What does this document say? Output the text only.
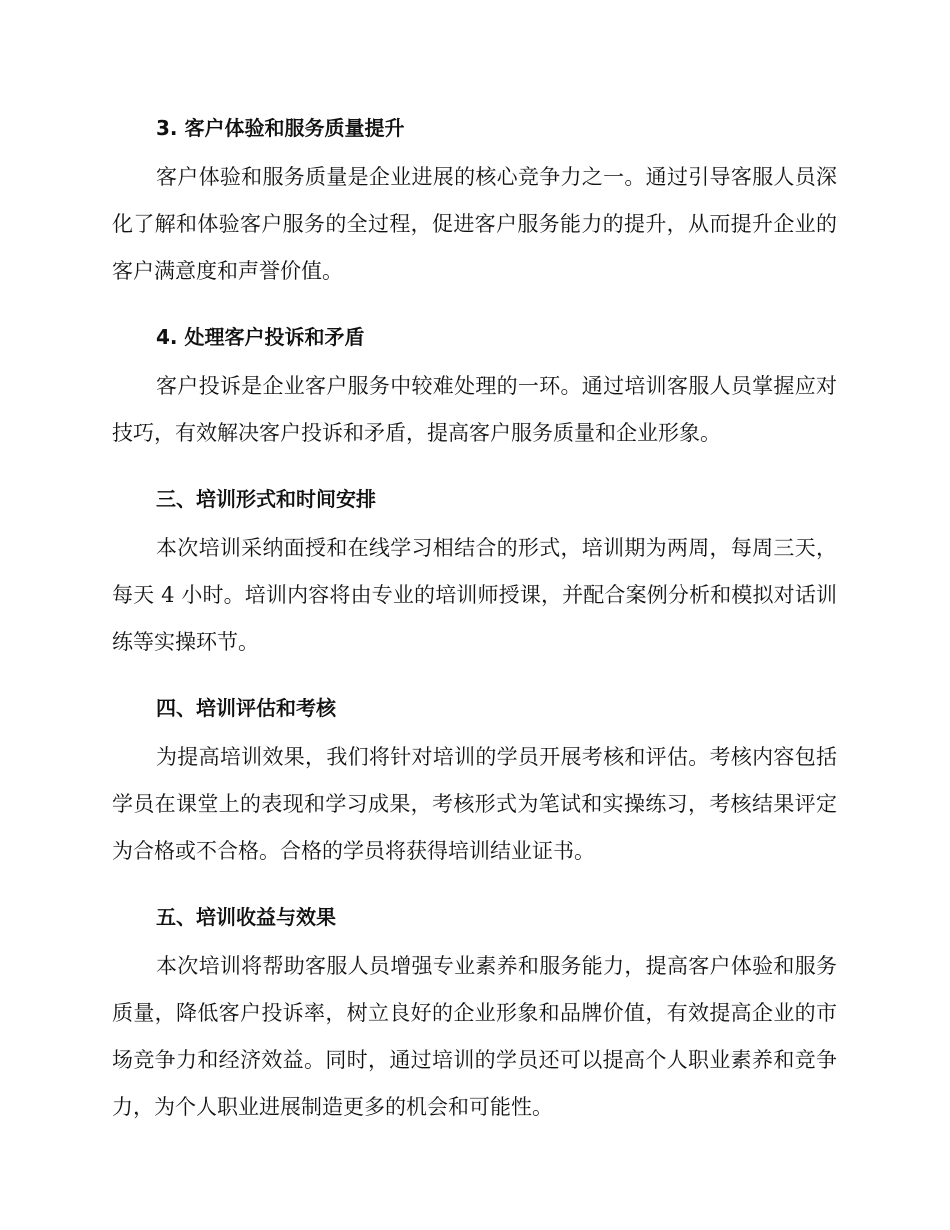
3. 客户体验和服务质量提升

客户体验和服务质量是企业进展的核心竞争力之一。通过引导客服人员深化了解和体验客户服务的全过程，促进客户服务能力的提升，从而提升企业的客户满意度和声誉价值。

4. 处理客户投诉和矛盾

客户投诉是企业客户服务中较难处理的一环。通过培训客服人员掌握应对技巧，有效解决客户投诉和矛盾，提高客户服务质量和企业形象。

三、培训形式和时间安排

本次培训采纳面授和在线学习相结合的形式，培训期为两周，每周三天，每天 4 小时。培训内容将由专业的培训师授课，并配合案例分析和模拟对话训练等实操环节。

四、培训评估和考核

为提高培训效果，我们将针对培训的学员开展考核和评估。考核内容包括学员在课堂上的表现和学习成果，考核形式为笔试和实操练习，考核结果评定为合格或不合格。合格的学员将获得培训结业证书。

五、培训收益与效果

本次培训将帮助客服人员增强专业素养和服务能力，提高客户体验和服务质量，降低客户投诉率，树立良好的企业形象和品牌价值，有效提高企业的市场竞争力和经济效益。同时，通过培训的学员还可以提高个人职业素养和竞争力，为个人职业进展制造更多的机会和可能性。
